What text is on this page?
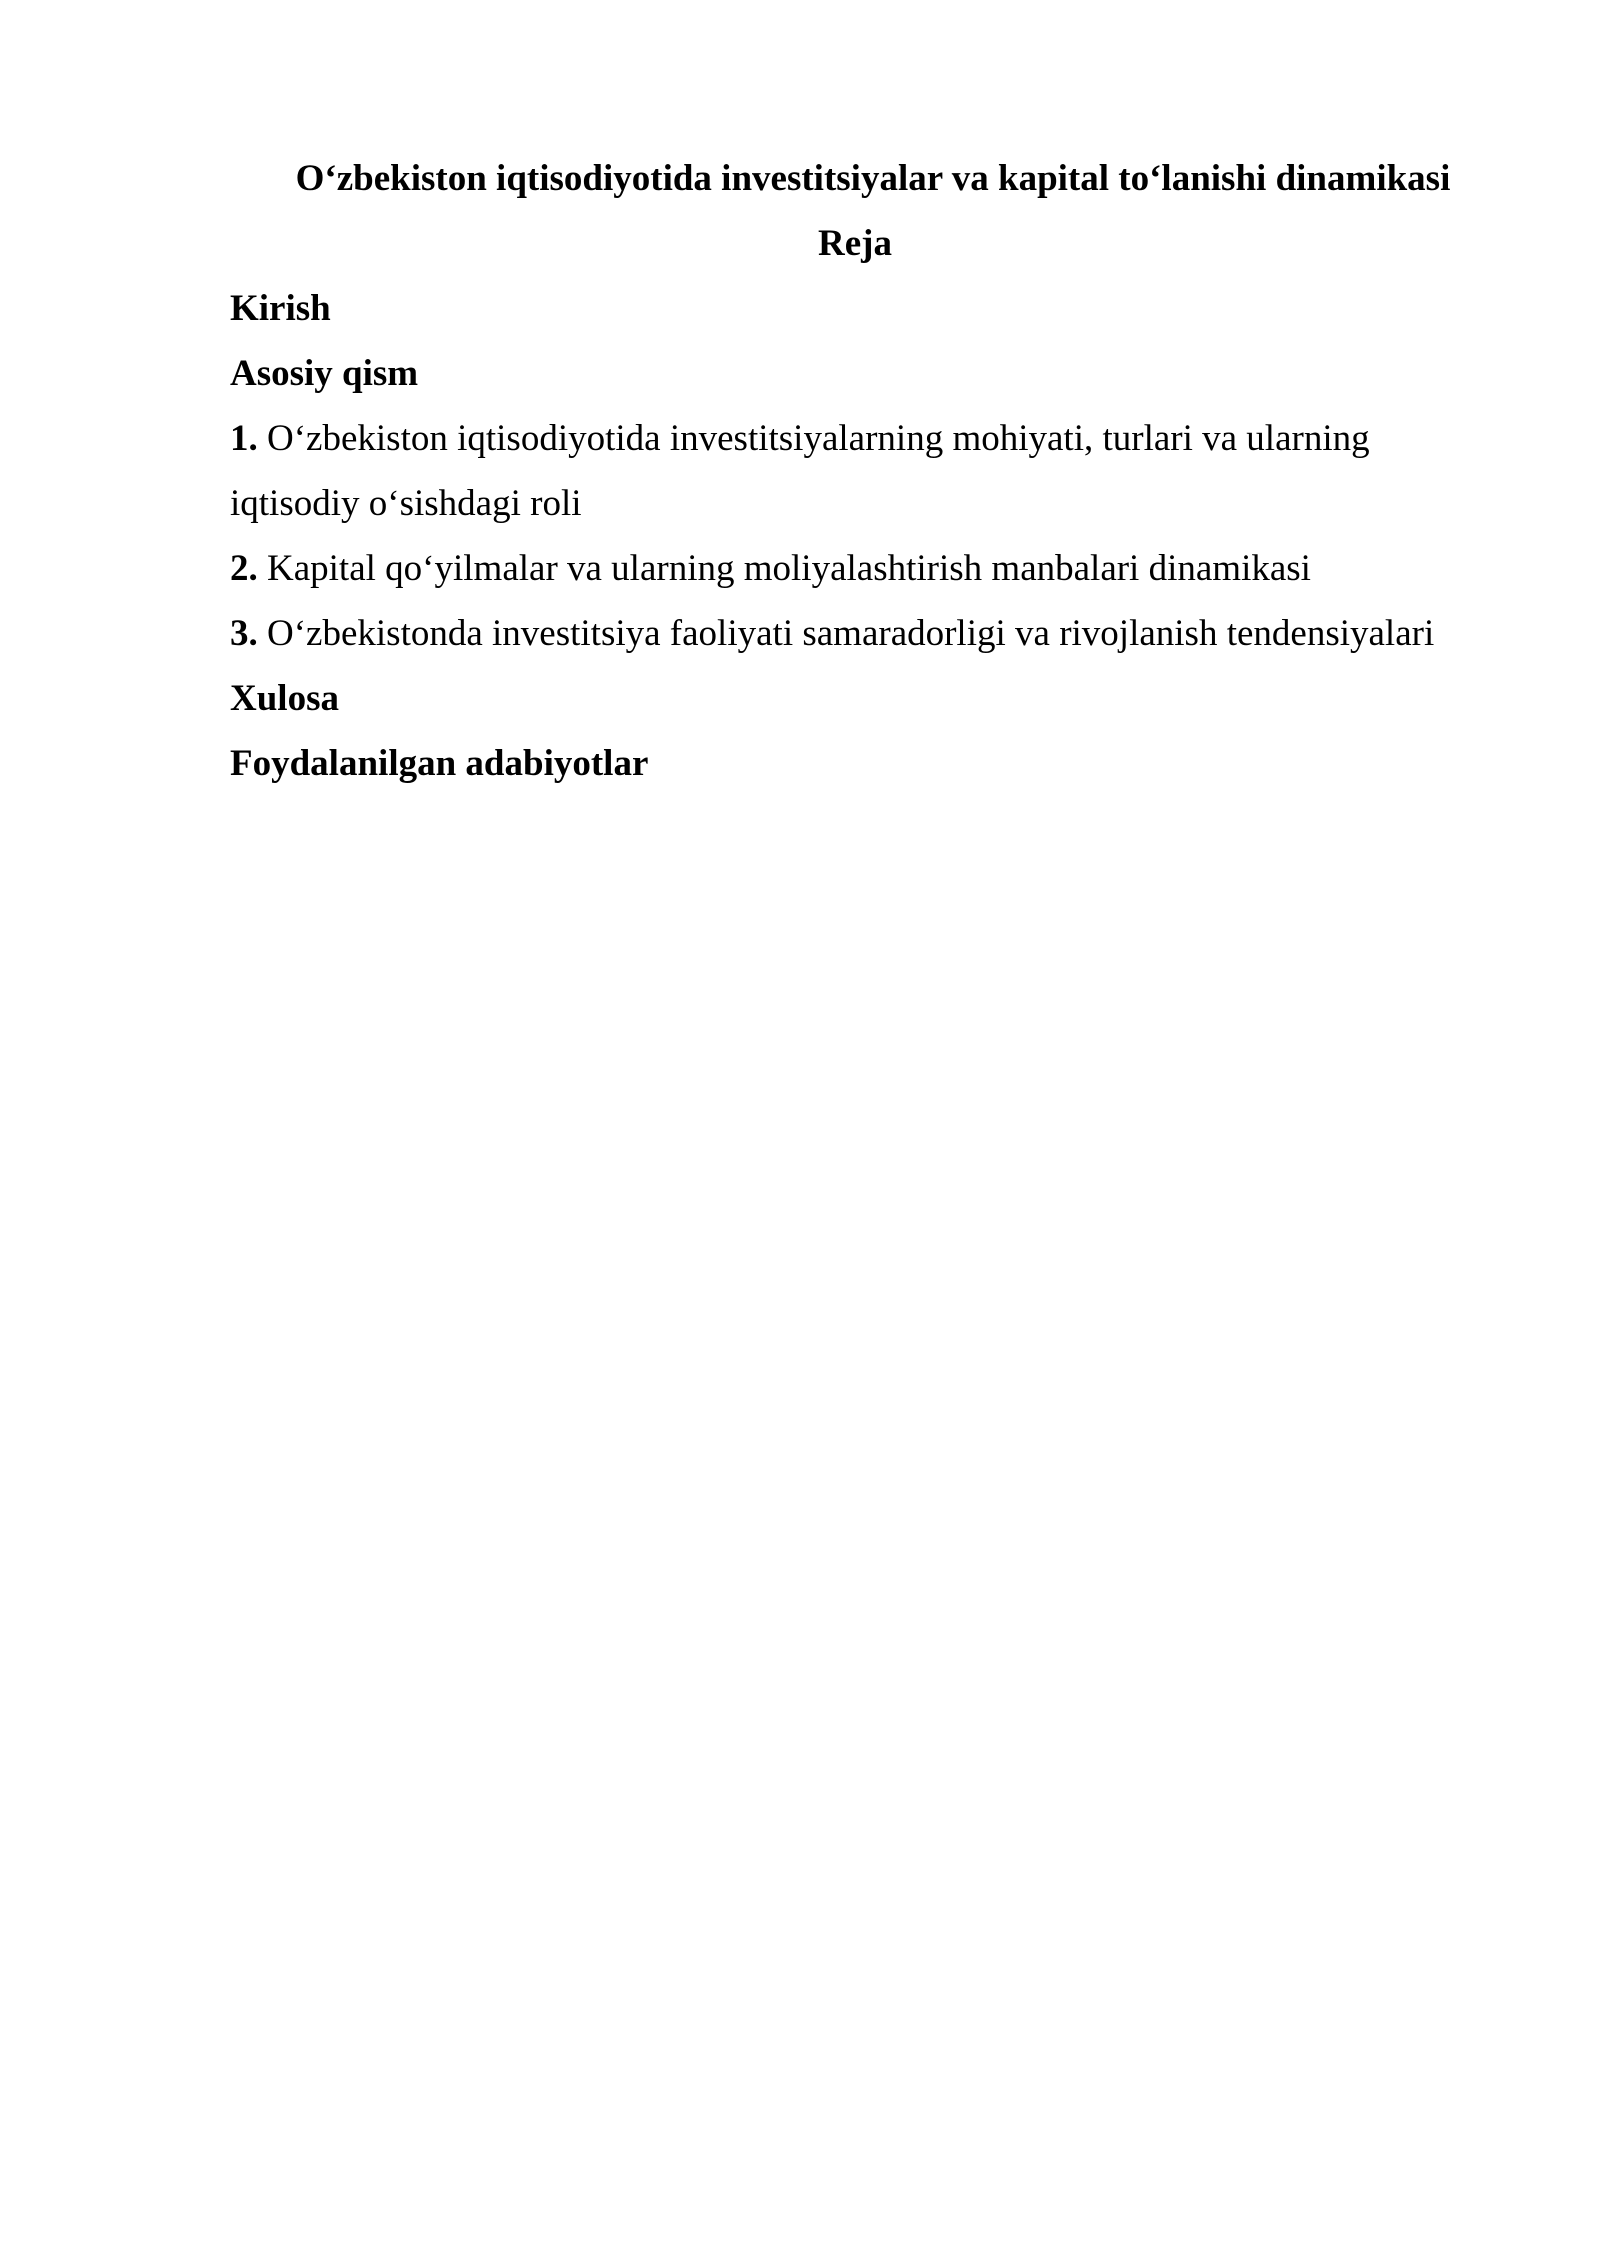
O‘zbekiston iqtisodiyotida investitsiyalar va kapital to‘lanishi dinamikasi

Reja

Kirish

Asosiy qism

1. O‘zbekiston iqtisodiyotida investitsiyalarning mohiyati, turlari va ularning iqtisodiy o‘sishdagi roli

2. Kapital qo‘yilmalar va ularning moliyalashtirish manbalari dinamikasi

3. O‘zbekistonda investitsiya faoliyati samaradorligi va rivojlanish tendensiyalari

Xulosa

Foydalanilgan adabiyotlar
